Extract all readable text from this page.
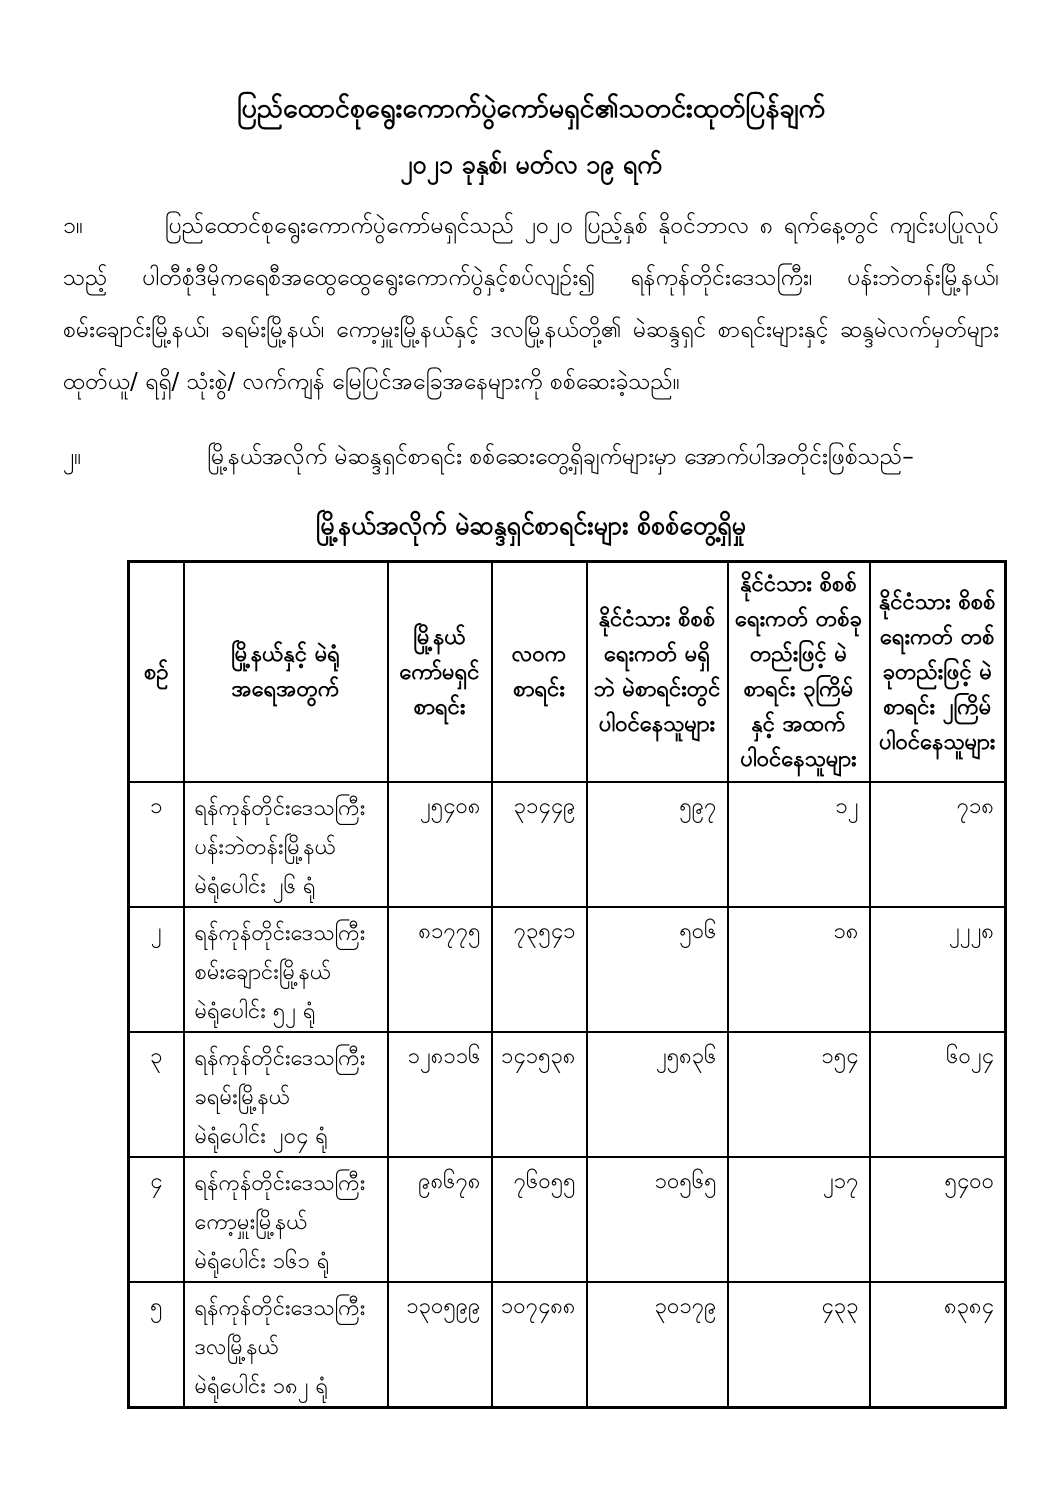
ပြည်ထောင်စုရွေးကောက်ပွဲကော်မရှင်၏သတင်းထုတ်ပြန်ချက်
၂၀၂၁ ခုနှစ်၊ မတ်လ ၁၉ ရက်

၁။	ပြည်ထောင်စုရွေးကောက်ပွဲကော်မရှင်သည် ၂၀၂၀ ပြည့်နှစ် နိုဝင်ဘာလ ၈ ရက်နေ့တွင် ကျင်းပပြုလုပ်သည့် ပါတီစုံဒီမိုကရေစီအထွေထွေရွေးကောက်ပွဲနှင့်စပ်လျဉ်း၍ ရန်ကုန်တိုင်းဒေသကြီး၊ ပန်းဘဲတန်းမြို့နယ်၊ စမ်းချောင်းမြို့နယ်၊ ခရမ်းမြို့နယ်၊ ကော့မှူးမြို့နယ်နှင့် ဒလမြို့နယ်တို့၏ မဲဆန္ဒရှင် စာရင်းများနှင့် ဆန္ဒမဲလက်မှတ်များ ထုတ်ယူ/ ရရှိ/ သုံးစွဲ/ လက်ကျန် မြေပြင်အခြေအနေများကို စစ်ဆေးခဲ့သည်။

၂။	မြို့နယ်အလိုက် မဲဆန္ဒရှင်စာရင်း စစ်ဆေးတွေ့ရှိချက်များမှာ အောက်ပါအတိုင်းဖြစ်သည်–

မြို့နယ်အလိုက် မဲဆန္ဒရှင်စာရင်းများ စိစစ်တွေ့ရှိမှု
စဉ်	မြို့နယ်နှင့် မဲရုံအရေအတွက်	မြို့နယ် ကော်မရှင် စာရင်း	လဝက စာရင်း	နိုင်ငံသား စိစစ်ရေးကတ် မရှိဘဲ မဲစာရင်းတွင် ပါဝင်နေသူများ	နိုင်ငံသား စိစစ်ရေးကတ် တစ်ခုတည်းဖြင့် မဲစာရင်း ၃ကြိမ် နှင့် အထက် ပါဝင်နေသူများ	နိုင်ငံသား စိစစ်ရေးကတ် တစ်ခုတည်းဖြင့် မဲစာရင်း ၂ကြိမ် ပါဝင်နေသူများ
၁	ရန်ကုန်တိုင်းဒေသကြီး
ပန်းဘဲတန်းမြို့နယ်
မဲရုံပေါင်း ၂၆ ရုံ	၂၅၄၀၈	၃၁၄၄၉	၅၉၇	၁၂	၇၁၈
၂	ရန်ကုန်တိုင်းဒေသကြီး
စမ်းချောင်းမြို့နယ်
မဲရုံပေါင်း ၅၂ ရုံ	၈၁၇၇၅	၇၃၅၄၁	၅၀၆	၁၈	၂၂၂၈
၃	ရန်ကုန်တိုင်းဒေသကြီး
ခရမ်းမြို့နယ်
မဲရုံပေါင်း ၂၀၄ ရုံ	၁၂၈၁၁၆	၁၄၁၅၃၈	၂၅၈၃၆	၁၅၄	၆၀၂၄
၄	ရန်ကုန်တိုင်းဒေသကြီး
ကော့မှူးမြို့နယ်
မဲရုံပေါင်း ၁၆၁ ရုံ	၉၈၆၇၈	၇၆၀၅၅	၁၀၅၆၅	၂၁၇	၅၄၀၀
၅	ရန်ကုန်တိုင်းဒေသကြီး
ဒလမြို့နယ်
မဲရုံပေါင်း ၁၈၂ ရုံ	၁၃၀၅၉၉	၁၀၇၄၈၈	၃၀၁၇၉	၄၃၃	၈၃၈၄
